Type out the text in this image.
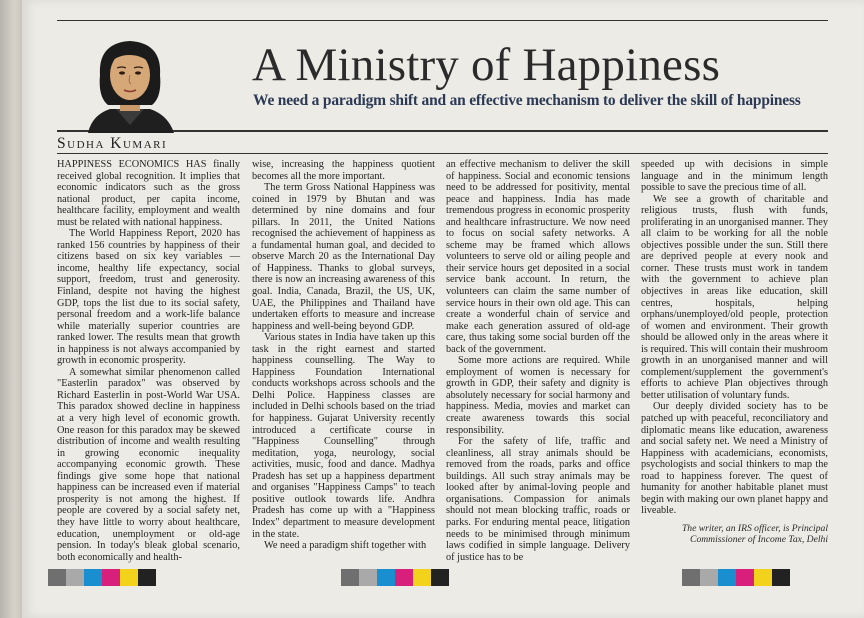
A Ministry of Happiness
We need a paradigm shift and an effective mechanism to deliver the skill of happiness
Sudha Kumari

HAPPINESS ECONOMICS HAS finally received global recognition. It implies that economic indicators such as the gross national product, per capita income, healthcare facility, employment and wealth must be related with national happiness.

The World Happiness Report, 2020 has ranked 156 countries by happiness of their citizens based on six key variables — income, healthy life expectancy, social support, freedom, trust and generosity. Finland, despite not having the highest GDP, tops the list due to its social safety, personal freedom and a work-life balance while materially superior countries are ranked lower. The results mean that growth in happiness is not always accompanied by growth in economic prosperity.

A somewhat similar phenomenon called "Easterlin paradox" was observed by Richard Easterlin in post-World War USA. This paradox showed decline in happiness at a very high level of economic growth. One reason for this paradox may be skewed distribution of income and wealth resulting in growing economic inequality accompanying economic growth. These findings give some hope that national happiness can be increased even if material prosperity is not among the highest. If people are covered by a social safety net, they have little to worry about healthcare, education, unemployment or old-age pension. In today's bleak global scenario, both economically and health-

wise, increasing the happiness quotient becomes all the more important.

The term Gross National Happiness was coined in 1979 by Bhutan and was determined by nine domains and four pillars. In 2011, the United Nations recognised the achievement of happiness as a fundamental human goal, and decided to observe March 20 as the International Day of Happiness. Thanks to global surveys, there is now an increasing awareness of this goal. India, Canada, Brazil, the US, UK, UAE, the Philippines and Thailand have undertaken efforts to measure and increase happiness and well-being beyond GDP.

Various states in India have taken up this task in the right earnest and started happiness counselling. The Way to Happiness Foundation International conducts workshops across schools and the Delhi Police. Happiness classes are included in Delhi schools based on the triad for happiness. Gujarat University recently introduced a certificate course in "Happiness Counselling" through meditation, yoga, neurology, social activities, music, food and dance. Madhya Pradesh has set up a happiness department and organises "Happiness Camps" to teach positive outlook towards life. Andhra Pradesh has come up with a "Happiness Index" department to measure development in the state.

We need a paradigm shift together with

an effective mechanism to deliver the skill of happiness. Social and economic tensions need to be addressed for positivity, mental peace and happiness. India has made tremendous progress in economic prosperity and healthcare infrastructure. We now need to focus on social safety networks. A scheme may be framed which allows volunteers to serve old or ailing people and their service hours get deposited in a social service bank account. In return, the volunteers can claim the same number of service hours in their own old age. This can create a wonderful chain of service and make each generation assured of old-age care, thus taking some social burden off the back of the government.

Some more actions are required. While employment of women is necessary for growth in GDP, their safety and dignity is absolutely necessary for social harmony and happiness. Media, movies and market can create awareness towards this social responsibility.

For the safety of life, traffic and cleanliness, all stray animals should be removed from the roads, parks and office buildings. All such stray animals may be looked after by animal-loving people and organisations. Compassion for animals should not mean blocking traffic, roads or parks. For enduring mental peace, litigation needs to be minimised through minimum laws codified in simple language. Delivery of justice has to be

speeded up with decisions in simple language and in the minimum length possible to save the precious time of all.

We see a growth of charitable and religious trusts, flush with funds, proliferating in an unorganised manner. They all claim to be working for all the noble objectives possible under the sun. Still there are deprived people at every nook and corner. These trusts must work in tandem with the government to achieve plan objectives in areas like education, skill centres, hospitals, helping orphans/unemployed/old people, protection of women and environment. Their growth should be allowed only in the areas where it is required. This will contain their mushroom growth in an unorganised manner and will complement/supplement the government's efforts to achieve Plan objectives through better utilisation of voluntary funds.

Our deeply divided society has to be patched up with peaceful, reconciliatory and diplomatic means like education, awareness and social safety net. We need a Ministry of Happiness with academicians, economists, psychologists and social thinkers to map the road to happiness forever. The quest of humanity for another habitable planet must begin with making our own planet happy and liveable.

The writer, an IRS officer, is Principal
Commissioner of Income Tax, Delhi
